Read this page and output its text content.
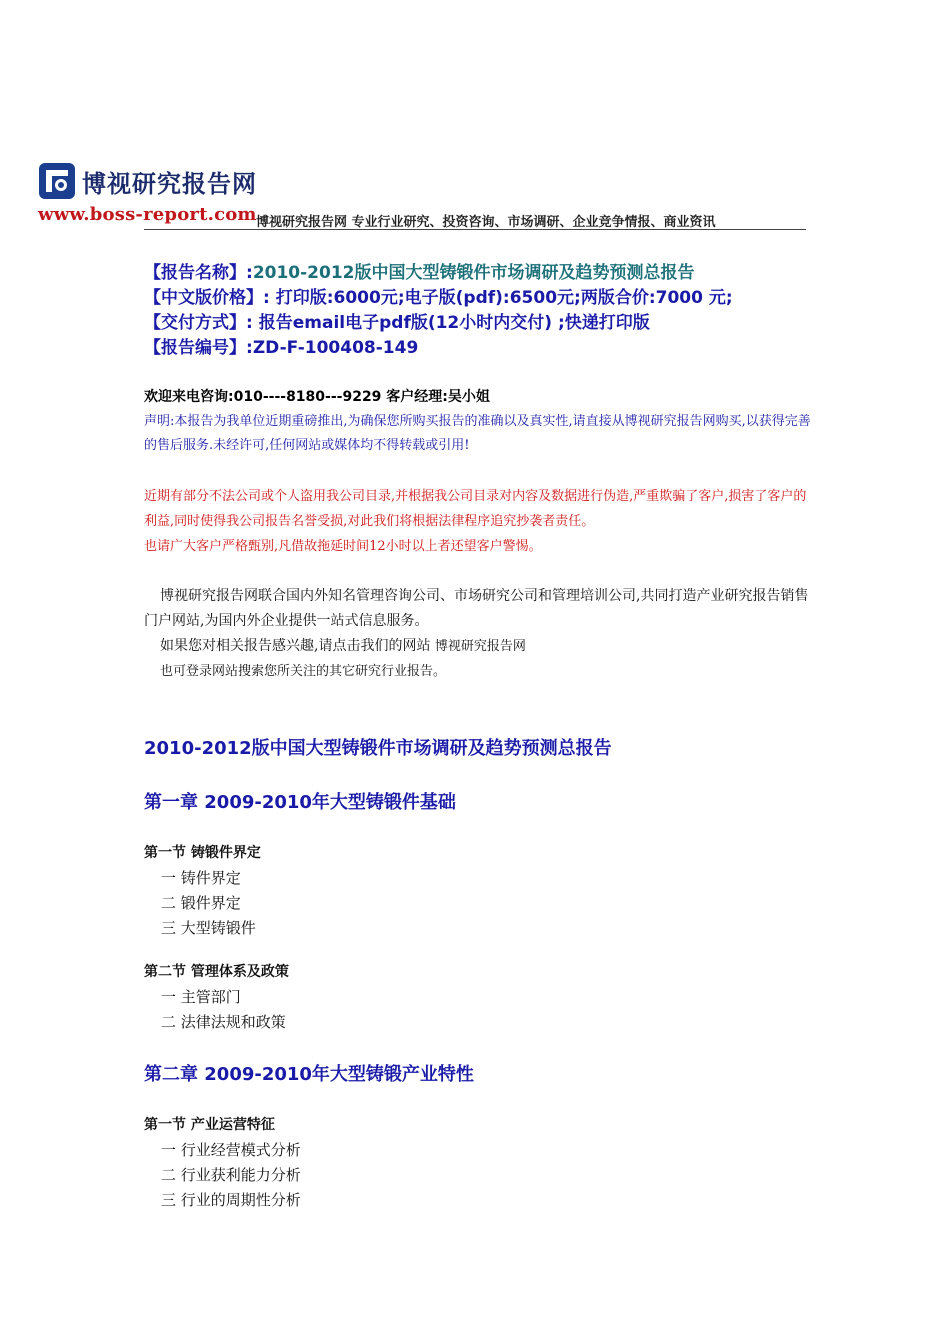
博视研究报告网
www.boss-report.com 博视研究报告网 专业行业研究、投资咨询、市场调研、企业竞争情报、商业资讯
【报告名称】:2010-2012版中国大型铸锻件市场调研及趋势预测总报告
【中文版价格】: 打印版:6000元;电子版(pdf):6500元;两版合价:7000 元;
【交付方式】: 报告email电子pdf版(12小时内交付) ;快递打印版
【报告编号】:ZD-F-100408-149
欢迎来电咨询:010----8180---9229 客户经理:吴小姐
声明:本报告为我单位近期重磅推出,为确保您所购买报告的准确以及真实性,请直接从博视研究报告网购买,以获得完善的售后服务.未经许可,任何网站或媒体均不得转载或引用!

近期有部分不法公司或个人盗用我公司目录,并根据我公司目录对内容及数据进行伪造,严重欺骗了客户,损害了客户的利益,同时使得我公司报告名誉受损,对此我们将根据法律程序追究抄袭者责任。

也请广大客户严格甄别,凡借故拖延时间12小时以上者还望客户警惕。

博视研究报告网联合国内外知名管理咨询公司、市场研究公司和管理培训公司,共同打造产业研究报告销售门户网站,为国内外企业提供一站式信息服务。

如果您对相关报告感兴趣,请点击我们的网站 博视研究报告网

也可登录网站搜索您所关注的其它研究行业报告。

2010-2012版中国大型铸锻件市场调研及趋势预测总报告
第一章 2009-2010年大型铸锻件基础
第一节 铸锻件界定
一 铸件界定
二 锻件界定
三 大型铸锻件
第二节 管理体系及政策
一 主管部门
二 法律法规和政策
第二章 2009-2010年大型铸锻产业特性
第一节 产业运营特征
一 行业经营模式分析
二 行业获利能力分析
三 行业的周期性分析
